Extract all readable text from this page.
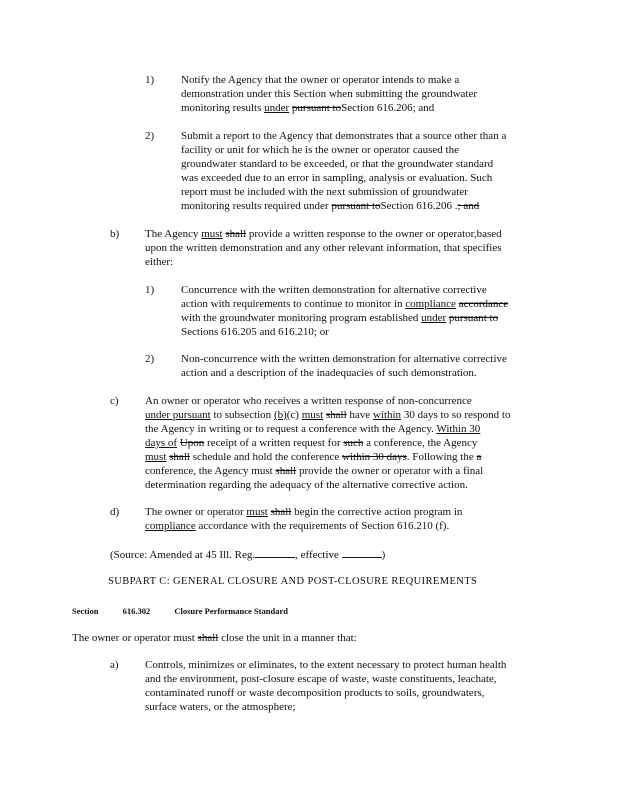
1) Notify the Agency that the owner or operator intends to make a
demonstration under this Section when submitting the groundwater
monitoring results under pursuant toSection 616.206; and
2) Submit a report to the Agency that demonstrates that a source other than a
facility or unit for which he is the owner or operator caused the
groundwater standard to be exceeded, or that the groundwater standard
was exceeded due to an error in sampling, analysis or evaluation. Such
report must be included with the next submission of groundwater
monitoring results required under pursuant toSection 616.206 .; and
b) The Agency must shall provide a written response to the owner or operator,based
upon the written demonstration and any other relevant information, that specifies
either:
1) Concurrence with the written demonstration for alternative corrective
action with requirements to continue to monitor in compliance accordance
with the groundwater monitoring program established under pursuant to
Sections 616.205 and 616.210; or
2) Non-concurrence with the written demonstration for alternative corrective
action and a description of the inadequacies of such demonstration.
c) An owner or operator who receives a written response of non-concurrence
under pursuant to subsection (b)(c) must shall have within 30 days to so respond to
the Agency in writing or to request a conference with the Agency. Within 30
days of Upon receipt of a written request for such a conference, the Agency
must shall schedule and hold the conference within 30 days. Following the a
conference, the Agency must shall provide the owner or operator with a final
determination regarding the adequacy of the alternative corrective action.
d) The owner or operator must shall begin the corrective action program in
compliance accordance with the requirements of Section 616.210 (f).
(Source: Amended at 45 Ill. Reg.	, effective	)
SUBPART C: GENERAL CLOSURE AND POST-CLOSURE REQUIREMENTS
Section	616.302	Closure Performance Standard
The owner or operator must shall close the unit in a manner that:
a) Controls, minimizes or eliminates, to the extent necessary to protect human health
and the environment, post-closure escape of waste, waste constituents, leachate,
contaminated runoff or waste decomposition products to soils, groundwaters,
surface waters, or the atmosphere;
